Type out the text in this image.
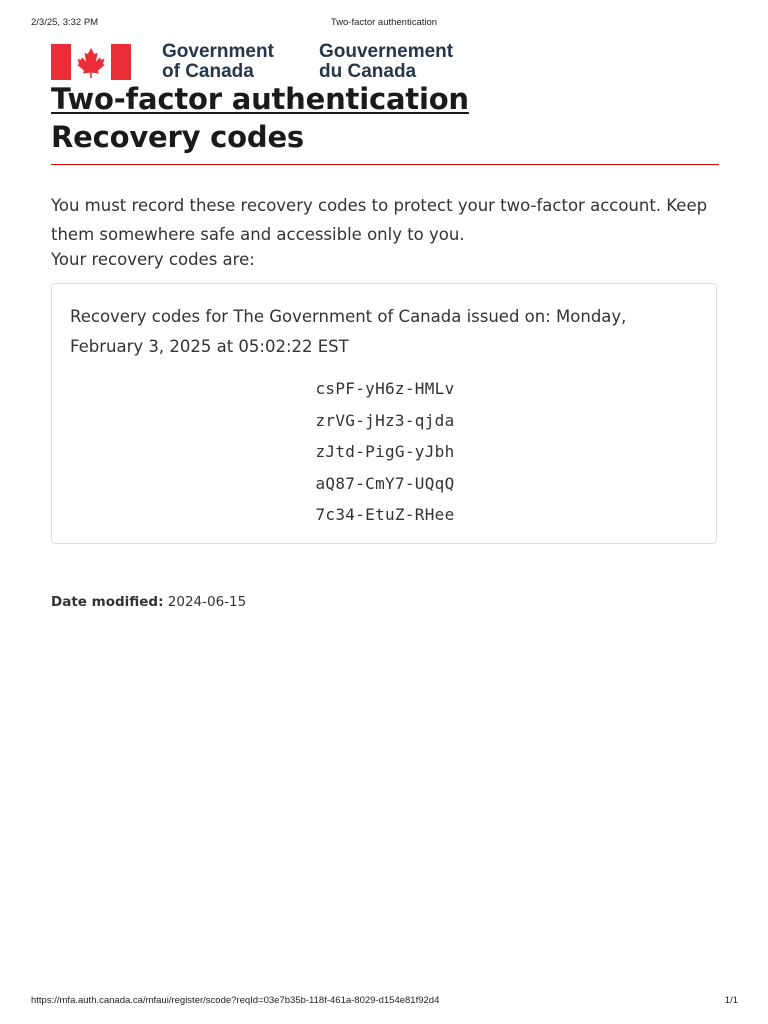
2/3/25, 3:32 PM	Two-factor authentication
Government
of Canada
Gouvernement
du Canada
Two-factor authentication
Recovery codes

You must record these recovery codes to protect your two-factor account. Keep them somewhere safe and accessible only to you.

Your recovery codes are:
Recovery codes for The Government of Canada issued on: Monday, February 3, 2025 at 05:02:22 EST
csPF-yH6z-HMLv
zrVG-jHz3-qjda
zJtd-PigG-yJbh
aQ87-CmY7-UQqQ
7c34-EtuZ-RHee
Date modified: 2024-06-15
https://mfa.auth.canada.ca/mfaui/register/scode?reqId=03e7b35b-118f-461a-8029-d154e81f92d4	1/1
